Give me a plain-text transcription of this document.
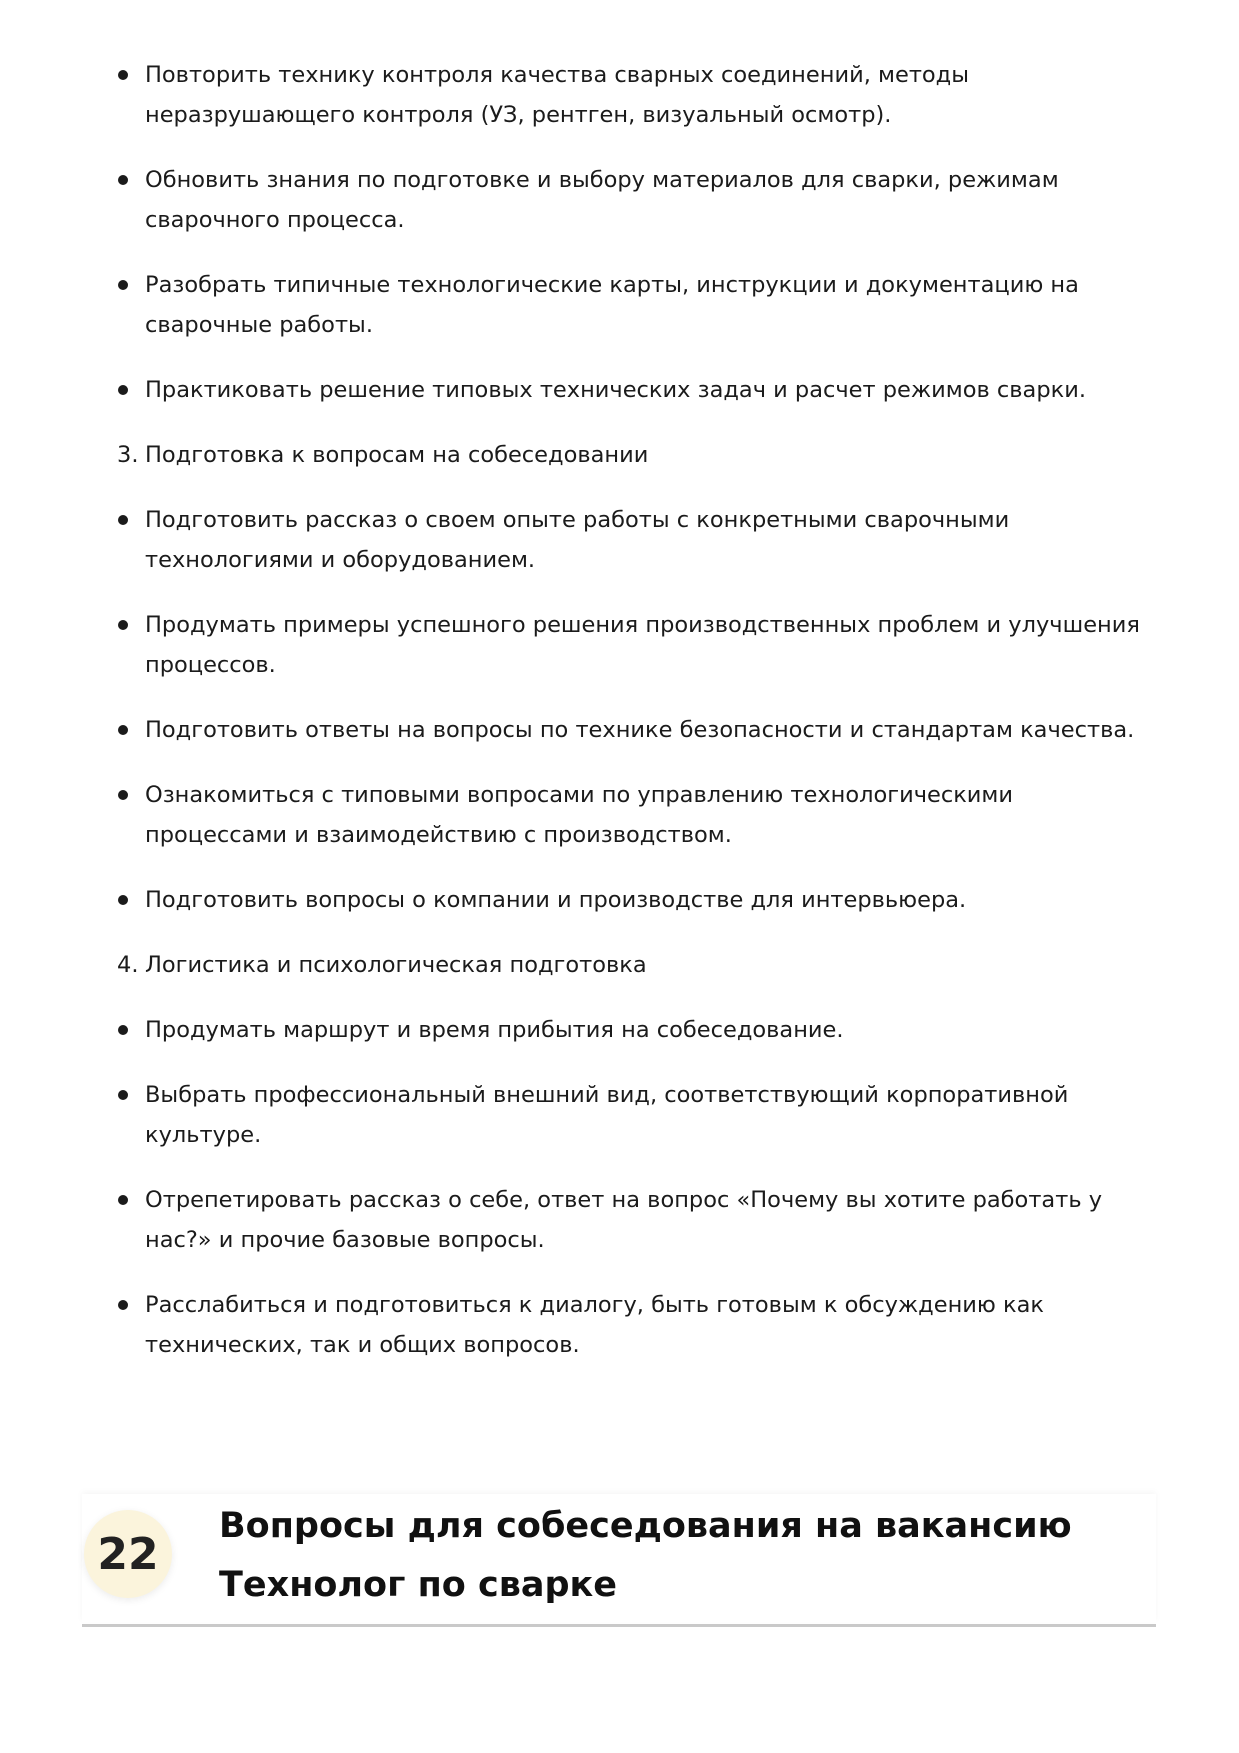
Повторить технику контроля качества сварных соединений, методы неразрушающего контроля (УЗ, рентген, визуальный осмотр).
Обновить знания по подготовке и выбору материалов для сварки, режимам сварочного процесса.
Разобрать типичные технологические карты, инструкции и документацию на сварочные работы.
Практиковать решение типовых технических задач и расчет режимов сварки.
3. Подготовка к вопросам на собеседовании
Подготовить рассказ о своем опыте работы с конкретными сварочными технологиями и оборудованием.
Продумать примеры успешного решения производственных проблем и улучшения процессов.
Подготовить ответы на вопросы по технике безопасности и стандартам качества.
Ознакомиться с типовыми вопросами по управлению технологическими процессами и взаимодействию с производством.
Подготовить вопросы о компании и производстве для интервьюера.
4. Логистика и психологическая подготовка
Продумать маршрут и время прибытия на собеседование.
Выбрать профессиональный внешний вид, соответствующий корпоративной культуре.
Отрепетировать рассказ о себе, ответ на вопрос «Почему вы хотите работать у нас?» и прочие базовые вопросы.
Расслабиться и подготовиться к диалогу, быть готовым к обсуждению как технических, так и общих вопросов.
22
Вопросы для собеседования на вакансию Технолог по сварке
